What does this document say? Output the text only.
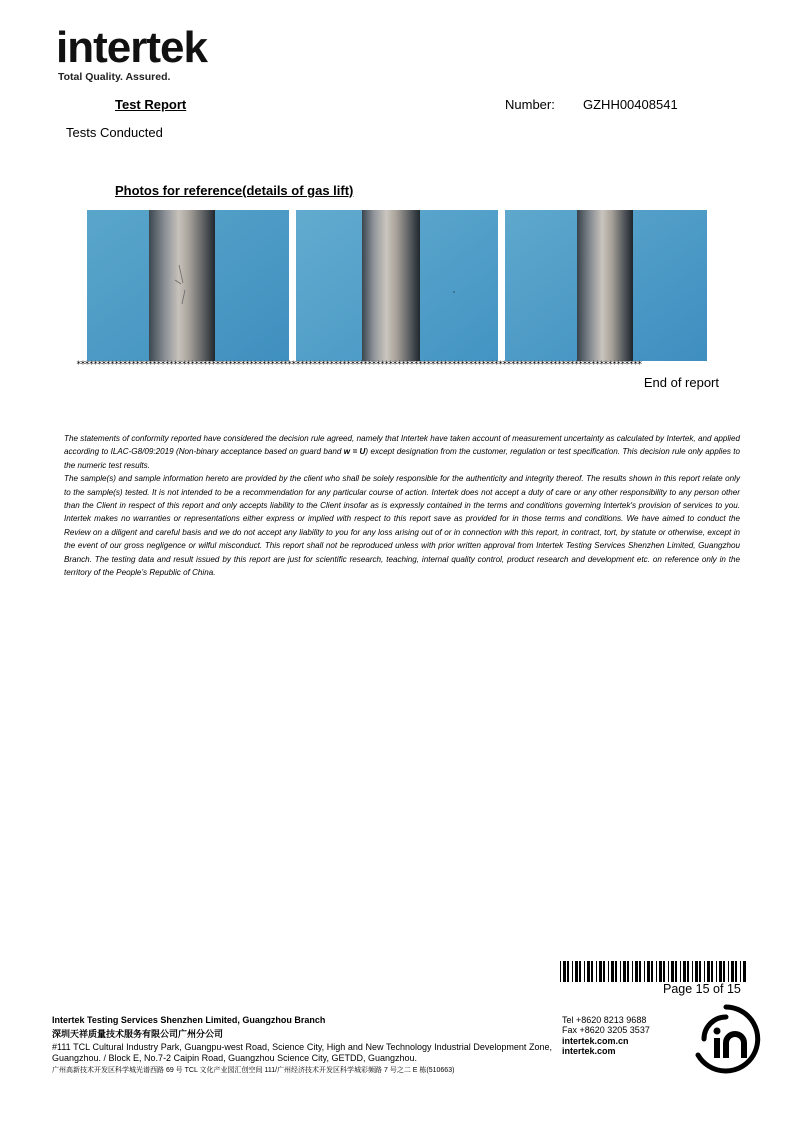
intertek
Total Quality. Assured.
Test Report	Number: GZHH00408541
Tests Conducted
Photos for reference(details of gas lift)
**************************************************************************************************************************************
End of report

The statements of conformity reported have considered the decision rule agreed, namely that Intertek have taken account of measurement uncertainty as calculated by Intertek, and applied according to ILAC-G8/09:2019 (Non-binary acceptance based on guard band w = U) except designation from the customer, regulation or test specification. This decision rule only applies to the numeric test results.

The sample(s) and sample information hereto are provided by the client who shall be solely responsible for the authenticity and integrity thereof. The results shown in this report relate only to the sample(s) tested. It is not intended to be a recommendation for any particular course of action. Intertek does not accept a duty of care or any other responsibility to any person other than the Client in respect of this report and only accepts liability to the Client insofar as is expressly contained in the terms and conditions governing Intertek's provision of services to you. Intertek makes no warranties or representations either express or implied with respect to this report save as provided for in those terms and conditions. We have aimed to conduct the Review on a diligent and careful basis and we do not accept any liability to you for any loss arising out of or in connection with this report, in contract, tort, by statute or otherwise, except in the event of our gross negligence or wilful misconduct. This report shall not be reproduced unless with prior written approval from Intertek Testing Services Shenzhen Limited, Guangzhou Branch. The testing data and result issued by this report are just for scientific research, teaching, internal quality control, product research and development etc. on reference only in the territory of the People’s Republic of China.

Page 15 of 15
Intertek Testing Services Shenzhen Limited, Guangzhou Branch
深圳天祥质量技术服务有限公司广州分公司
#111 TCL Cultural Industry Park, Guangpu-west Road, Science City, High and New Technology Industrial Development Zone, Guangzhou. / Block E, No.7-2 Caipin Road, Guangzhou Science City, GETDD, Guangzhou.
广州高新技术开发区科学城光谱西路 69 号 TCL 文化产业园汇创空间 111/广州经济技术开发区科学城彩频路 7 号之二 E 栋(510663)
Tel +8620 8213 9688
Fax +8620 3205 3537
intertek.com.cn
intertek.com
